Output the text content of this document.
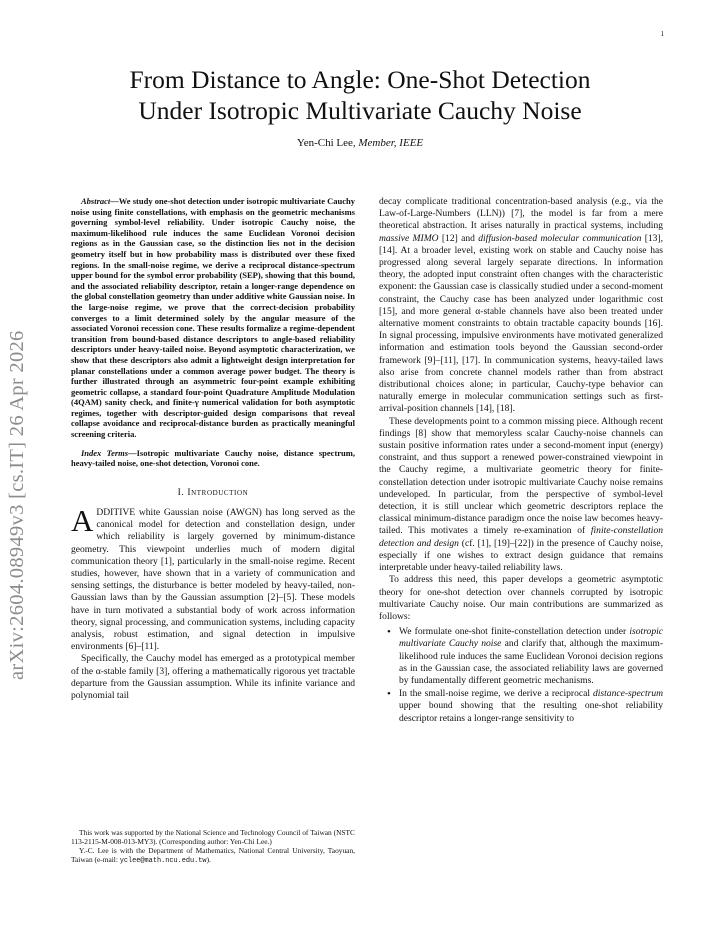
1
arXiv:2604.08949v3 [cs.IT] 26 Apr 2026
From Distance to Angle: One-Shot Detection
Under Isotropic Multivariate Cauchy Noise
Yen-Chi Lee, Member, IEEE

Abstract—We study one-shot detection under isotropic multivariate Cauchy noise using finite constellations, with emphasis on the geometric mechanisms governing symbol-level reliability. Under isotropic Cauchy noise, the maximum-likelihood rule induces the same Euclidean Voronoi decision regions as in the Gaussian case, so the distinction lies not in the decision geometry itself but in how probability mass is distributed over these fixed regions. In the small-noise regime, we derive a reciprocal distance-spectrum upper bound for the symbol error probability (SEP), showing that this bound, and the associated reliability descriptor, retain a longer-range dependence on the global constellation geometry than under additive white Gaussian noise. In the large-noise regime, we prove that the correct-decision probability converges to a limit determined solely by the angular measure of the associated Voronoi recession cone. These results formalize a regime-dependent transition from bound-based distance descriptors to angle-based reliability descriptors under heavy-tailed noise. Beyond asymptotic characterization, we show that these descriptors also admit a lightweight design interpretation for planar constellations under a common average power budget. The theory is further illustrated through an asymmetric four-point example exhibiting geometric collapse, a standard four-point Quadrature Amplitude Modulation (4QAM) sanity check, and finite-γ numerical validation for both asymptotic regimes, together with descriptor-guided design comparisons that reveal collapse avoidance and reciprocal-distance burden as practically meaningful screening criteria.

Index Terms—Isotropic multivariate Cauchy noise, distance spectrum, heavy-tailed noise, one-shot detection, Voronoi cone.

I. Introduction

ADDITIVE white Gaussian noise (AWGN) has long served as the canonical model for detection and constellation design, under which reliability is largely governed by minimum-distance geometry. This viewpoint underlies much of modern digital communication theory [1], particularly in the small-noise regime. Recent studies, however, have shown that in a variety of communication and sensing settings, the disturbance is better modeled by heavy-tailed, non-Gaussian laws than by the Gaussian assumption [2]–[5]. These models have in turn motivated a substantial body of work across information theory, signal processing, and communication systems, including capacity analysis, robust estimation, and signal detection in impulsive environments [6]–[11].

Specifically, the Cauchy model has emerged as a prototypical member of the α-stable family [3], offering a mathematically rigorous yet tractable departure from the Gaussian assumption. While its infinite variance and polynomial tail

This work was supported by the National Science and Technology Council of Taiwan (NSTC 113-2115-M-008-013-MY3). (Corresponding author: Yen-Chi Lee.)

Y.-C. Lee is with the Department of Mathematics, National Central University, Taoyuan, Taiwan (e-mail: yclee@math.ncu.edu.tw).

decay complicate traditional concentration-based analysis (e.g., via the Law-of-Large-Numbers (LLN)) [7], the model is far from a mere theoretical abstraction. It arises naturally in practical systems, including massive MIMO [12] and diffusion-based molecular communication [13], [14]. At a broader level, existing work on stable and Cauchy noise has progressed along several largely separate directions. In information theory, the adopted input constraint often changes with the characteristic exponent: the Gaussian case is classically studied under a second-moment constraint, the Cauchy case has been analyzed under logarithmic cost [15], and more general α-stable channels have also been treated under alternative moment constraints to obtain tractable capacity bounds [16]. In signal processing, impulsive environments have motivated generalized information and estimation tools beyond the Gaussian second-order framework [9]–[11], [17]. In communication systems, heavy-tailed laws also arise from concrete channel models rather than from abstract distributional choices alone; in particular, Cauchy-type behavior can naturally emerge in molecular communication settings such as first-arrival-position channels [14], [18].

These developments point to a common missing piece. Although recent findings [8] show that memoryless scalar Cauchy-noise channels can sustain positive information rates under a second-moment input (energy) constraint, and thus support a renewed power-constrained viewpoint in the Cauchy regime, a multivariate geometric theory for finite-constellation detection under isotropic multivariate Cauchy noise remains undeveloped. In particular, from the perspective of symbol-level detection, it is still unclear which geometric descriptors replace the classical minimum-distance paradigm once the noise law becomes heavy-tailed. This motivates a timely re-examination of finite-constellation detection and design (cf. [1], [19]–[22]) in the presence of Cauchy noise, especially if one wishes to extract design guidance that remains interpretable under heavy-tailed reliability laws.

To address this need, this paper develops a geometric asymptotic theory for one-shot detection over channels corrupted by isotropic multivariate Cauchy noise. Our main contributions are summarized as follows:

• We formulate one-shot finite-constellation detection under isotropic multivariate Cauchy noise and clarify that, although the maximum-likelihood rule induces the same Euclidean Voronoi decision regions as in the Gaussian case, the associated reliability laws are governed by fundamentally different geometric mechanisms.
• In the small-noise regime, we derive a reciprocal distance-spectrum upper bound showing that the resulting one-shot reliability descriptor retains a longer-range sensitivity to
